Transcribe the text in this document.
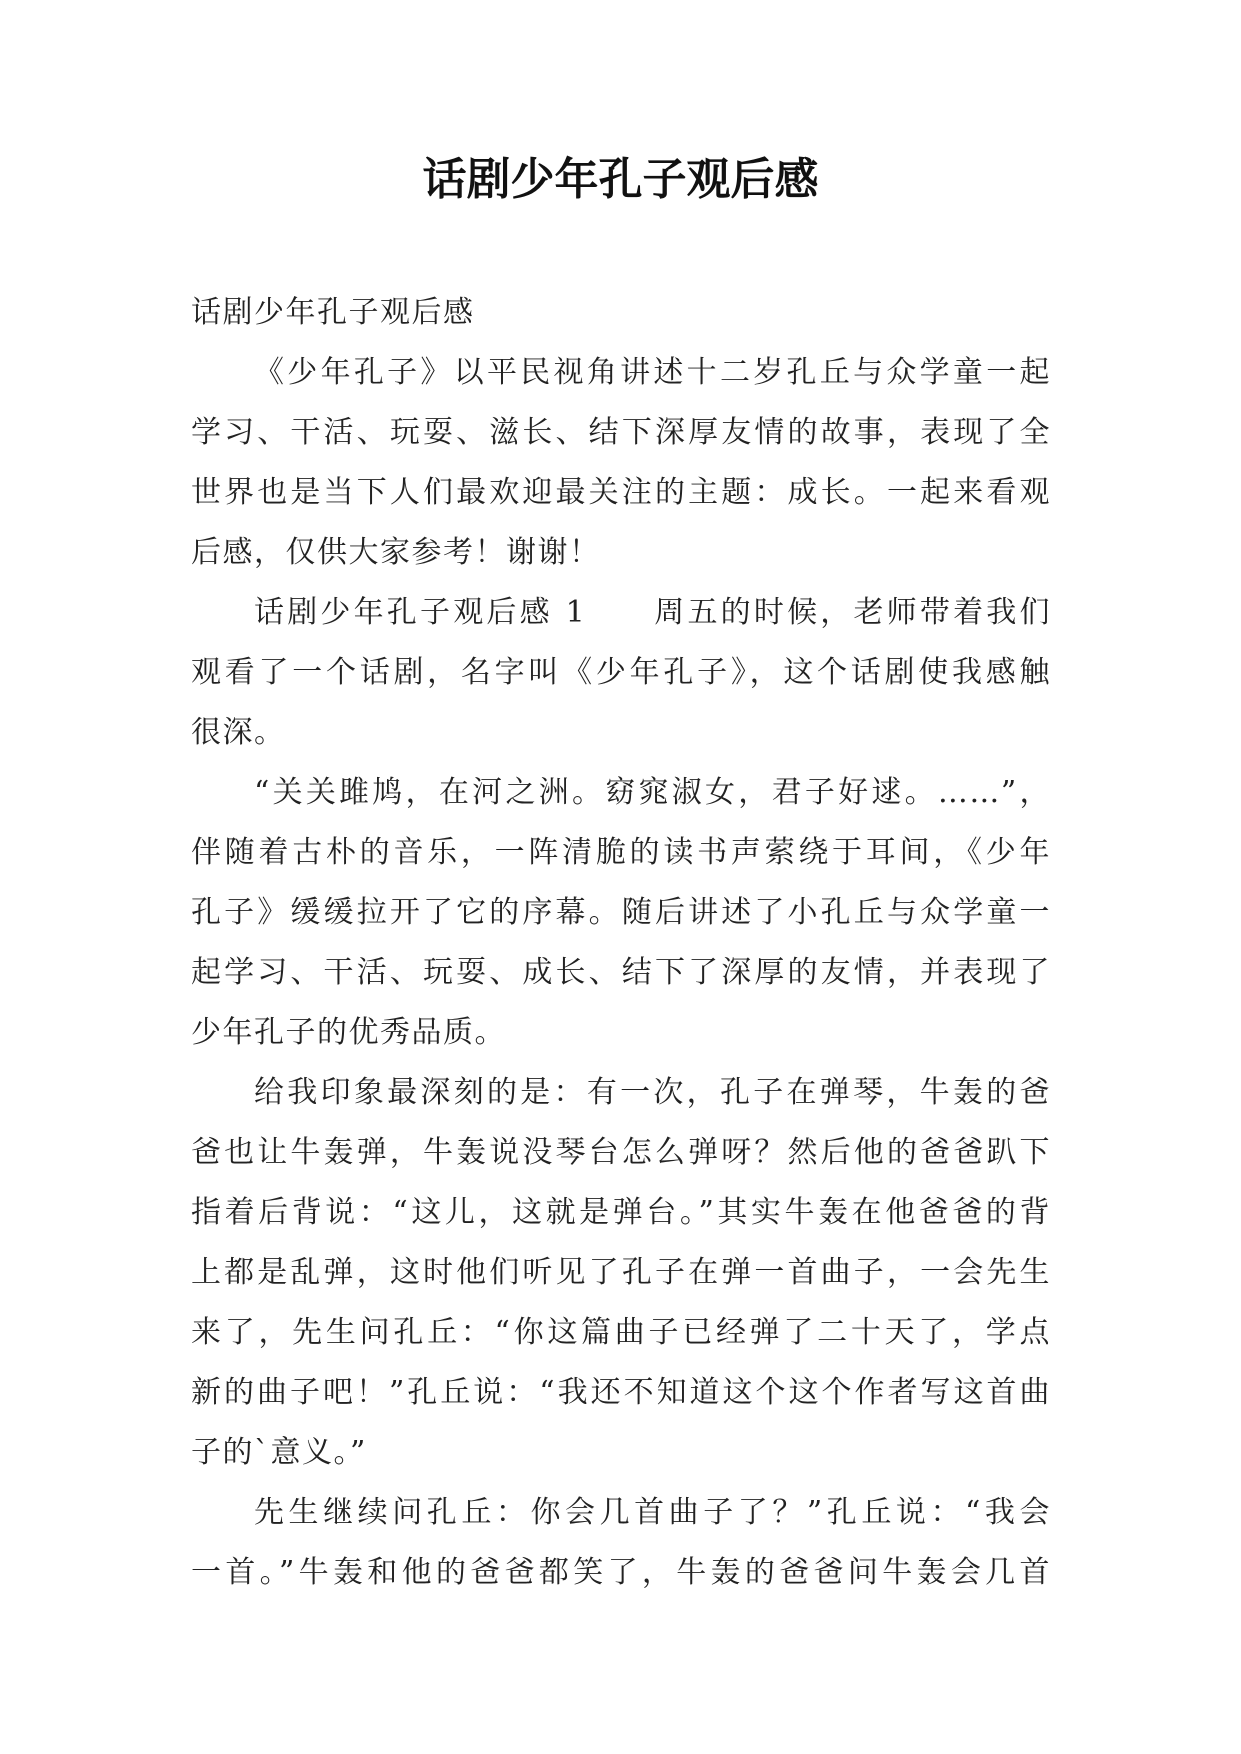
话剧少年孔子观后感

话剧少年孔子观后感

《少年孔子》以平民视角讲述十二岁孔丘与众学童一起
学习、干活、玩耍、滋长、结下深厚友情的故事，表现了全
世界也是当下人们最欢迎最关注的主题：成长。一起来看观
后感，仅供大家参考！谢谢！

话剧少年孔子观后感 1　　周五的时候，老师带着我们
观看了一个话剧，名字叫《少年孔子》，这个话剧使我感触
很深。

“关关雎鸠，在河之洲。窈窕淑女，君子好逑。……”，
伴随着古朴的音乐，一阵清脆的读书声萦绕于耳间，《少年
孔子》缓缓拉开了它的序幕。随后讲述了小孔丘与众学童一
起学习、干活、玩耍、成长、结下了深厚的友情，并表现了
少年孔子的优秀品质。

给我印象最深刻的是：有一次，孔子在弹琴，牛轰的爸
爸也让牛轰弹，牛轰说没琴台怎么弹呀？然后他的爸爸趴下
指着后背说：“这儿，这就是弹台。”其实牛轰在他爸爸的背
上都是乱弹，这时他们听见了孔子在弹一首曲子，一会先生
来了，先生问孔丘：“你这篇曲子已经弹了二十天了，学点
新的曲子吧！”孔丘说：“我还不知道这个这个作者写这首曲
子的`意义。”

先生继续问孔丘：你会几首曲子了？”孔丘说：“我会
一首。”牛轰和他的爸爸都笑了，牛轰的爸爸问牛轰会几首
